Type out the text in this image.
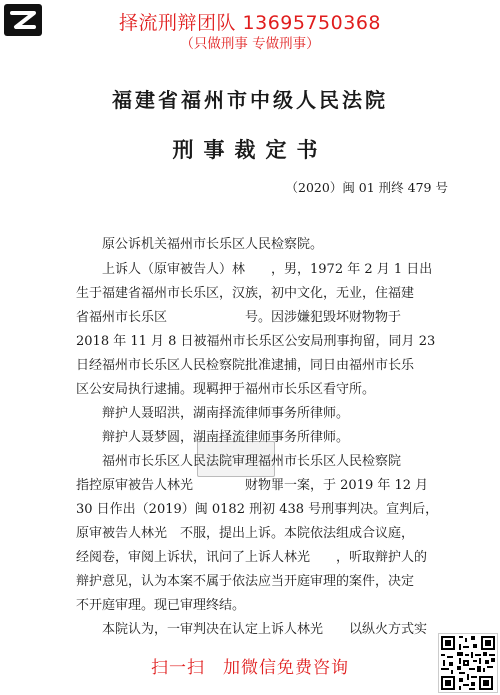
择流刑辩团队 13695750368
（只做刑事 专做刑事）
福建省福州市中级人民法院
刑事裁定书
（2020）闽 01 刑终 479 号
原公诉机关福州市长乐区人民检察院。
上诉人（原审被告人）林　　，男，1972 年 2 月 1 日出
生于福建省福州市长乐区，汉族，初中文化，无业，住福建
省福州市长乐区　　　　　　号。因涉嫌犯毁坏财物物于
2018 年 11 月 8 日被福州市长乐区公安局刑事拘留，同月 23
日经福州市长乐区人民检察院批准逮捕，同日由福州市长乐
区公安局执行逮捕。现羁押于福州市长乐区看守所。
辩护人聂昭洪，湖南择流律师事务所律师。
辩护人聂梦圆，湖南择流律师事务所律师。
福州市长乐区人民法院审理福州市长乐区人民检察院
指控原审被告人林光　　　　财物罪一案，于 2019 年 12 月
30 日作出（2019）闽 0182 刑初 438 号刑事判决。宣判后，
原审被告人林光　不服，提出上诉。本院依法组成合议庭，
经阅卷，审阅上诉状，讯问了上诉人林光　　，听取辩护人的
辩护意见，认为本案不属于依法应当开庭审理的案件，决定
不开庭审理。现已审理终结。
本院认为，一审判决在认定上诉人林光　　以纵火方式实
扫一扫　加微信免费咨询
